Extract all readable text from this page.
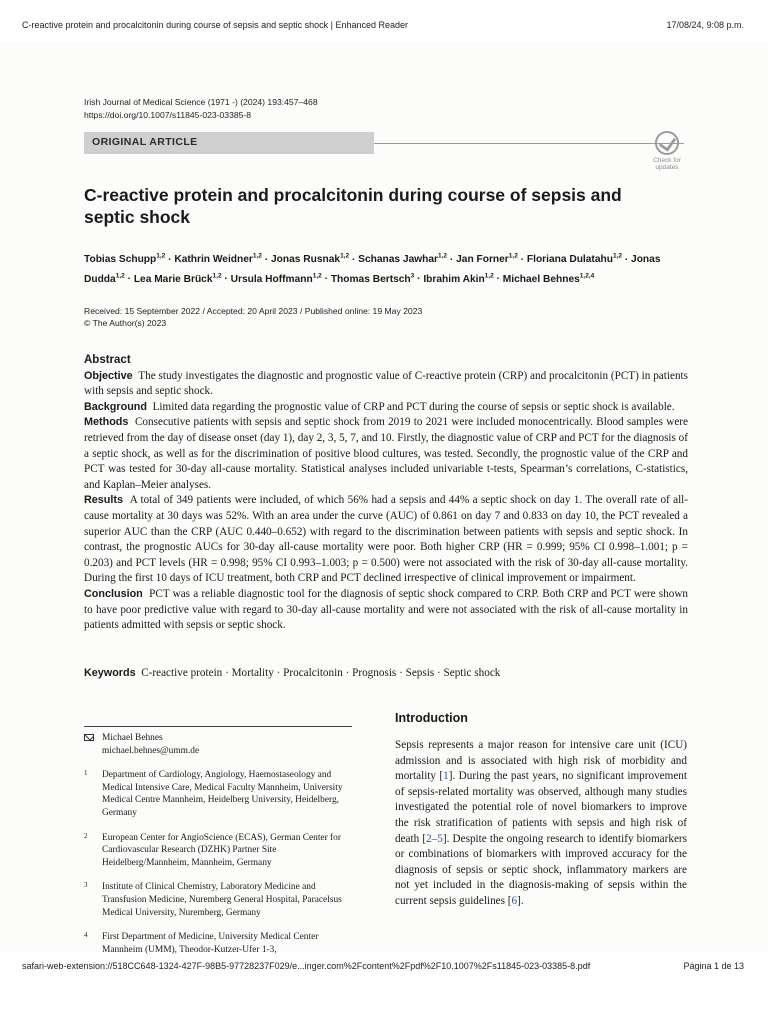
C-reactive protein and procalcitonin during course of sepsis and septic shock | Enhanced Reader	17/08/24, 9:08 p.m.
Irish Journal of Medical Science (1971 -) (2024) 193:457–468
https://doi.org/10.1007/s11845-023-03385-8
ORIGINAL ARTICLE
Check for
updates
C-reactive protein and procalcitonin during course of sepsis and septic shock
Tobias Schupp$^{1,2}$ · Kathrin Weidner$^{1,2}$ · Jonas Rusnak$^{1,2}$ · Schanas Jawhar$^{1,2}$ · Jan Forner$^{1,2}$ · Floriana Dulatahu$^{1,2}$ · Jonas Dudda$^{1,2}$ · Lea Marie Brück$^{1,2}$ · Ursula Hoffmann$^{1,2}$ · Thomas Bertsch$^3$ · Ibrahim Akin$^{1,2}$ · Michael Behnes$^{1,2,4}$
Received: 15 September 2022 / Accepted: 20 April 2023 / Published online: 19 May 2023
© The Author(s) 2023
Abstract

Objective The study investigates the diagnostic and prognostic value of C-reactive protein (CRP) and procalcitonin (PCT) in patients with sepsis and septic shock.

Background Limited data regarding the prognostic value of CRP and PCT during the course of sepsis or septic shock is available.

Methods Consecutive patients with sepsis and septic shock from 2019 to 2021 were included monocentrically. Blood samples were retrieved from the day of disease onset (day 1), day 2, 3, 5, 7, and 10. Firstly, the diagnostic value of CRP and PCT for the diagnosis of a septic shock, as well as for the discrimination of positive blood cultures, was tested. Secondly, the prognostic value of the CRP and PCT was tested for 30-day all-cause mortality. Statistical analyses included univariable t-tests, Spearman’s correlations, C-statistics, and Kaplan–Meier analyses.

Results A total of 349 patients were included, of which 56% had a sepsis and 44% a septic shock on day 1. The overall rate of all-cause mortality at 30 days was 52%. With an area under the curve (AUC) of 0.861 on day 7 and 0.833 on day 10, the PCT revealed a superior AUC than the CRP (AUC 0.440–0.652) with regard to the discrimination between patients with sepsis and septic shock. In contrast, the prognostic AUCs for 30-day all-cause mortality were poor. Both higher CRP (HR = 0.999; 95% CI 0.998–1.001; p = 0.203) and PCT levels (HR = 0.998; 95% CI 0.993–1.003; p = 0.500) were not associated with the risk of 30-day all-cause mortality. During the first 10 days of ICU treatment, both CRP and PCT declined irrespective of clinical improvement or impairment.

Conclusion PCT was a reliable diagnostic tool for the diagnosis of septic shock compared to CRP. Both CRP and PCT were shown to have poor predictive value with regard to 30-day all-cause mortality and were not associated with the risk of all-cause mortality in patients admitted with sepsis or septic shock.

Keywords C-reactive protein · Mortality · Procalcitonin · Prognosis · Sepsis · Septic shock
Michael Behnes
michael.behnes@umm.de
1 Department of Cardiology, Angiology, Haemostaseology and Medical Intensive Care, Medical Faculty Mannheim, University Medical Centre Mannheim, Heidelberg University, Heidelberg, Germany
2 European Center for AngioScience (ECAS), German Center for Cardiovascular Research (DZHK) Partner Site Heidelberg/Mannheim, Mannheim, Germany
3 Institute of Clinical Chemistry, Laboratory Medicine and Transfusion Medicine, Nuremberg General Hospital, Paracelsus Medical University, Nuremberg, Germany
4 First Department of Medicine, University Medical Center Mannheim (UMM), Theodor-Kutzer-Ufer 1-3,
Introduction

Sepsis represents a major reason for intensive care unit (ICU) admission and is associated with high risk of morbidity and mortality [1]. During the past years, no significant improvement of sepsis-related mortality was observed, although many studies investigated the potential role of novel biomarkers to improve the risk stratification of patients with sepsis and high risk of death [2–5]. Despite the ongoing research to identify biomarkers or combinations of biomarkers with improved accuracy for the diagnosis of sepsis or septic shock, inflammatory markers are not yet included in the diagnosis-making of sepsis within the current sepsis guidelines [6].

safari-web-extension://518CC648-1324-427F-98B5-97728237F029/e...inger.com%2Fcontent%2Fpdf%2F10.1007%2Fs11845-023-03385-8.pdf	Página 1 de 13
